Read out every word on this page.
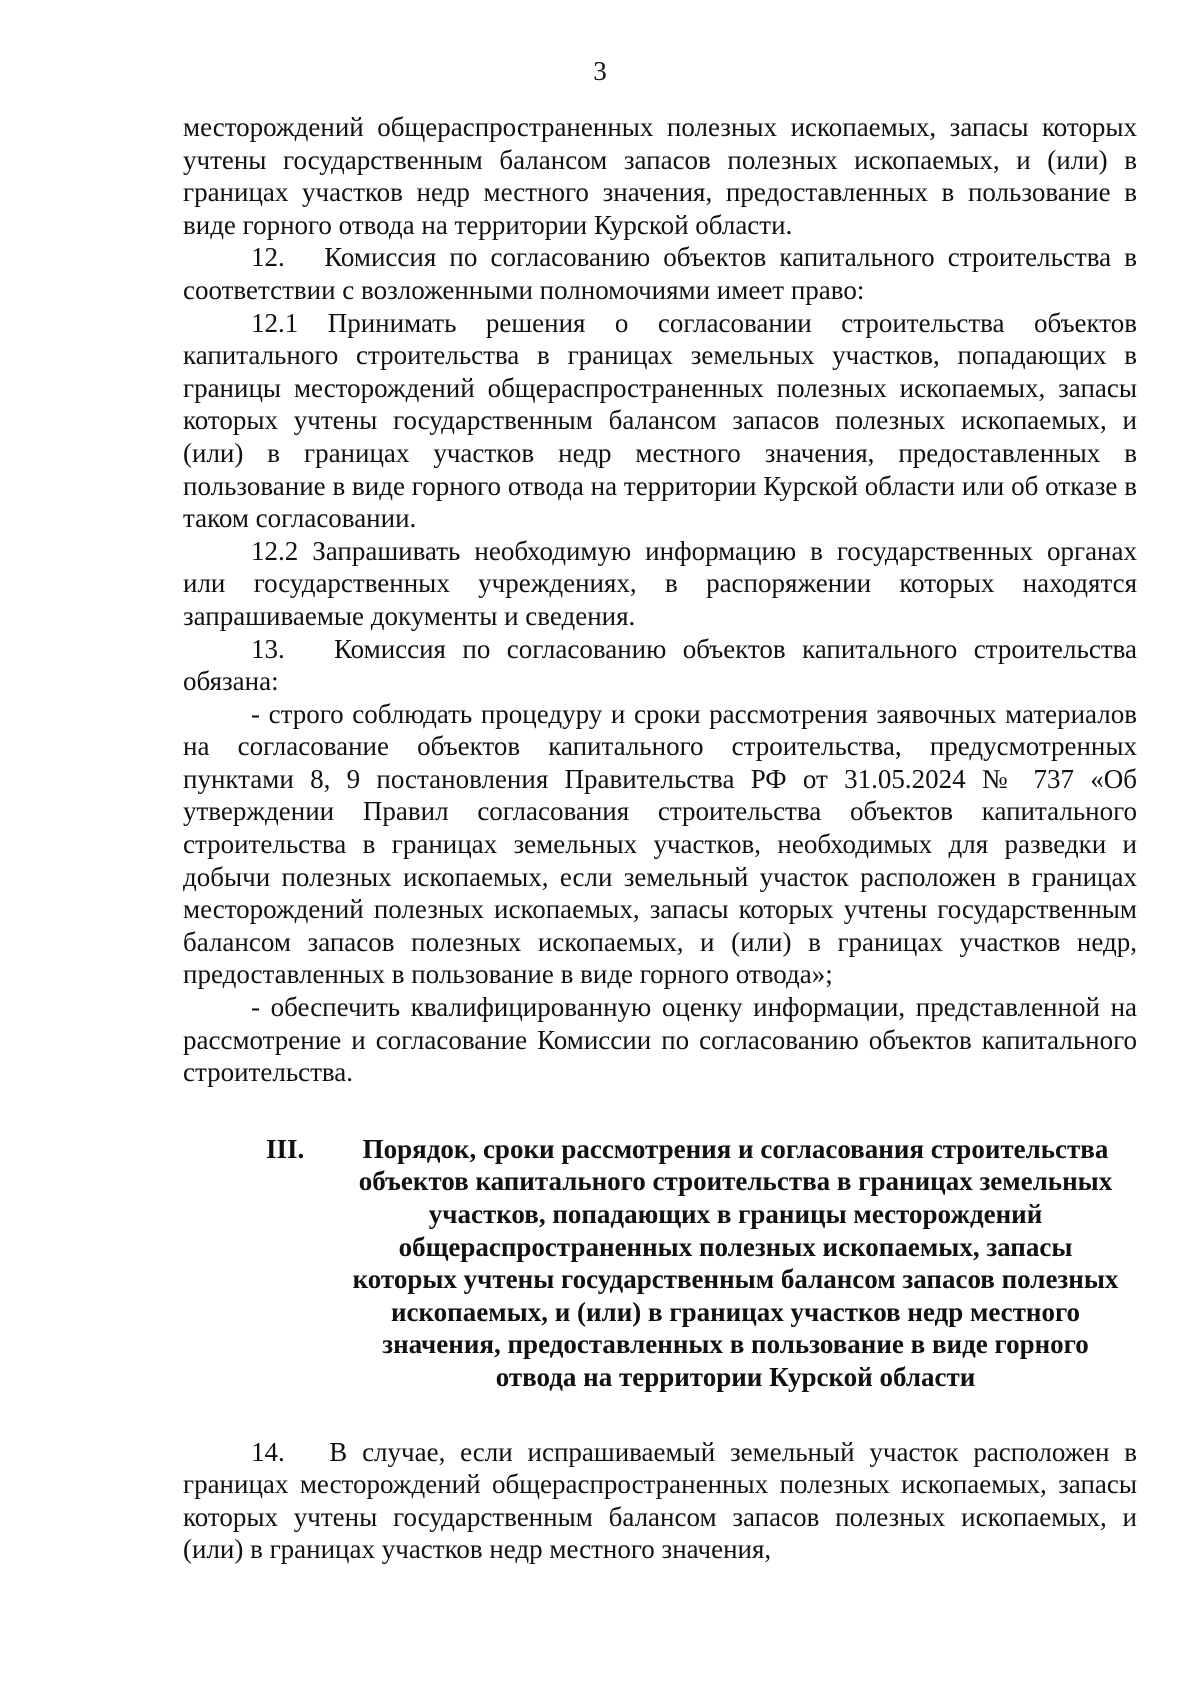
3

месторождений общераспространенных полезных ископаемых, запасы которых учтены государственным балансом запасов полезных ископаемых, и (или) в границах участков недр местного значения, предоставленных в пользование в виде горного отвода на территории Курской области.

12.   Комиссия по согласованию объектов капитального строительства в соответствии с возложенными полномочиями имеет право:

12.1 Принимать решения о согласовании строительства объектов капитального строительства в границах земельных участков, попадающих в границы месторождений общераспространенных полезных ископаемых, запасы которых учтены государственным балансом запасов полезных ископаемых, и (или) в границах участков недр местного значения, предоставленных в пользование в виде горного отвода на территории Курской области или об отказе в таком согласовании.

12.2 Запрашивать необходимую информацию в государственных органах или государственных учреждениях, в распоряжении которых находятся запрашиваемые документы и сведения.

13.   Комиссия по согласованию объектов капитального строительства обязана:

- строго соблюдать процедуру и сроки рассмотрения заявочных материалов на согласование объектов капитального строительства, предусмотренных пунктами 8, 9 постановления Правительства РФ от 31.05.2024 № 737 «Об утверждении Правил согласования строительства объектов капитального строительства в границах земельных участков, необходимых для разведки и добычи полезных ископаемых, если земельный участок расположен в границах месторождений полезных ископаемых, запасы которых учтены государственным балансом запасов полезных ископаемых, и (или) в границах участков недр, предоставленных в пользование в виде горного отвода»;

- обеспечить квалифицированную оценку информации, представленной на рассмотрение и согласование Комиссии по согласованию объектов капитального строительства.

III.	Порядок, сроки рассмотрения и согласования строительства объектов капитального строительства в границах земельных участков, попадающих в границы месторождений общераспространенных полезных ископаемых, запасы которых учтены государственным балансом запасов полезных ископаемых, и (или) в границах участков недр местного значения, предоставленных в пользование в виде горного отвода на территории Курской области

14.   В случае, если испрашиваемый земельный участок расположен в границах месторождений общераспространенных полезных ископаемых, запасы которых учтены государственным балансом запасов полезных ископаемых, и (или) в границах участков недр местного значения,
